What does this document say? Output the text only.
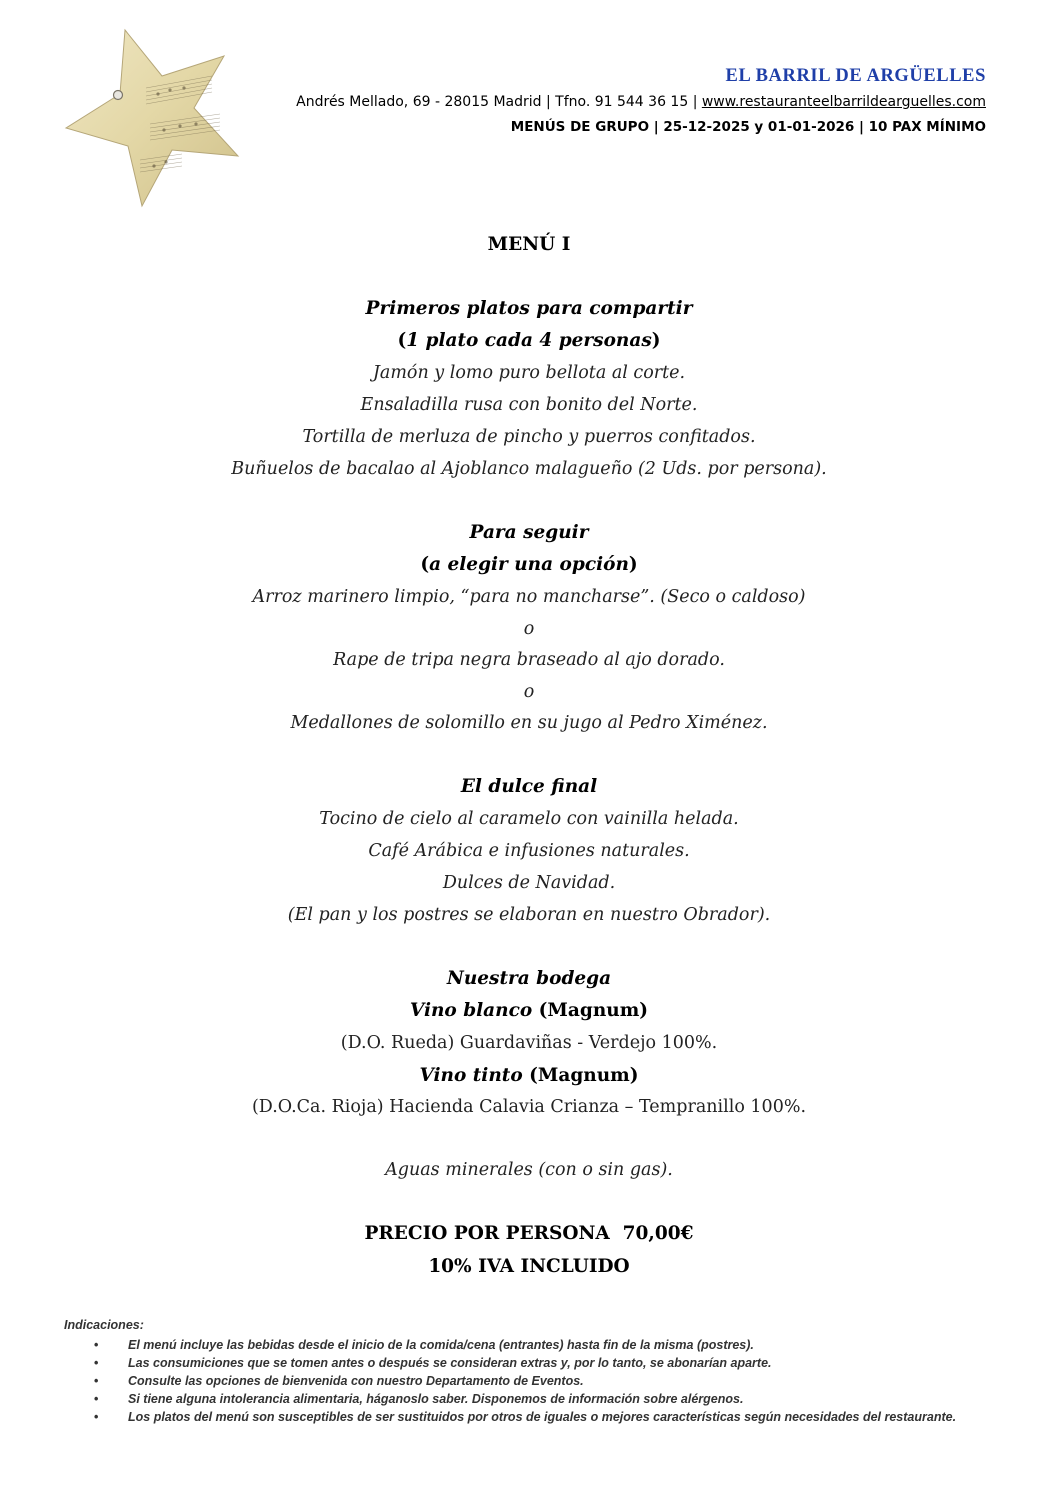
EL BARRIL DE ARGÜELLES
Andrés Mellado, 69 - 28015 Madrid | Tfno. 91 544 36 15 | www.restauranteelbarrildearguelles.com
MENÚS DE GRUPO | 25-12-2025 y 01-01-2026 | 10 PAX MÍNIMO
MENÚ I
Primeros platos para compartir
(1 plato cada 4 personas)
Jamón y lomo puro bellota al corte.
Ensaladilla rusa con bonito del Norte.
Tortilla de merluza de pincho y puerros confitados.
Buñuelos de bacalao al Ajoblanco malagueño (2 Uds. por persona).
Para seguir
(a elegir una opción)
Arroz marinero limpio, “para no mancharse”. (Seco o caldoso)
o
Rape de tripa negra braseado al ajo dorado.
o
Medallones de solomillo en su jugo al Pedro Ximénez.
El dulce final
Tocino de cielo al caramelo con vainilla helada.
Café Arábica e infusiones naturales.
Dulces de Navidad.
(El pan y los postres se elaboran en nuestro Obrador).
Nuestra bodega
Vino blanco (Magnum)
(D.O. Rueda) Guardaviñas - Verdejo 100%.
Vino tinto (Magnum)
(D.O.Ca. Rioja) Hacienda Calavia Crianza – Tempranillo 100%.
Aguas minerales (con o sin gas).
PRECIO POR PERSONA  70,00€
10% IVA INCLUIDO
Indicaciones:
• El menú incluye las bebidas desde el inicio de la comida/cena (entrantes) hasta fin de la misma (postres).
• Las consumiciones que se tomen antes o después se consideran extras y, por lo tanto, se abonarían aparte.
• Consulte las opciones de bienvenida con nuestro Departamento de Eventos.
• Si tiene alguna intolerancia alimentaria, háganoslo saber. Disponemos de información sobre alérgenos.
• Los platos del menú son susceptibles de ser sustituidos por otros de iguales o mejores características según necesidades del restaurante.
